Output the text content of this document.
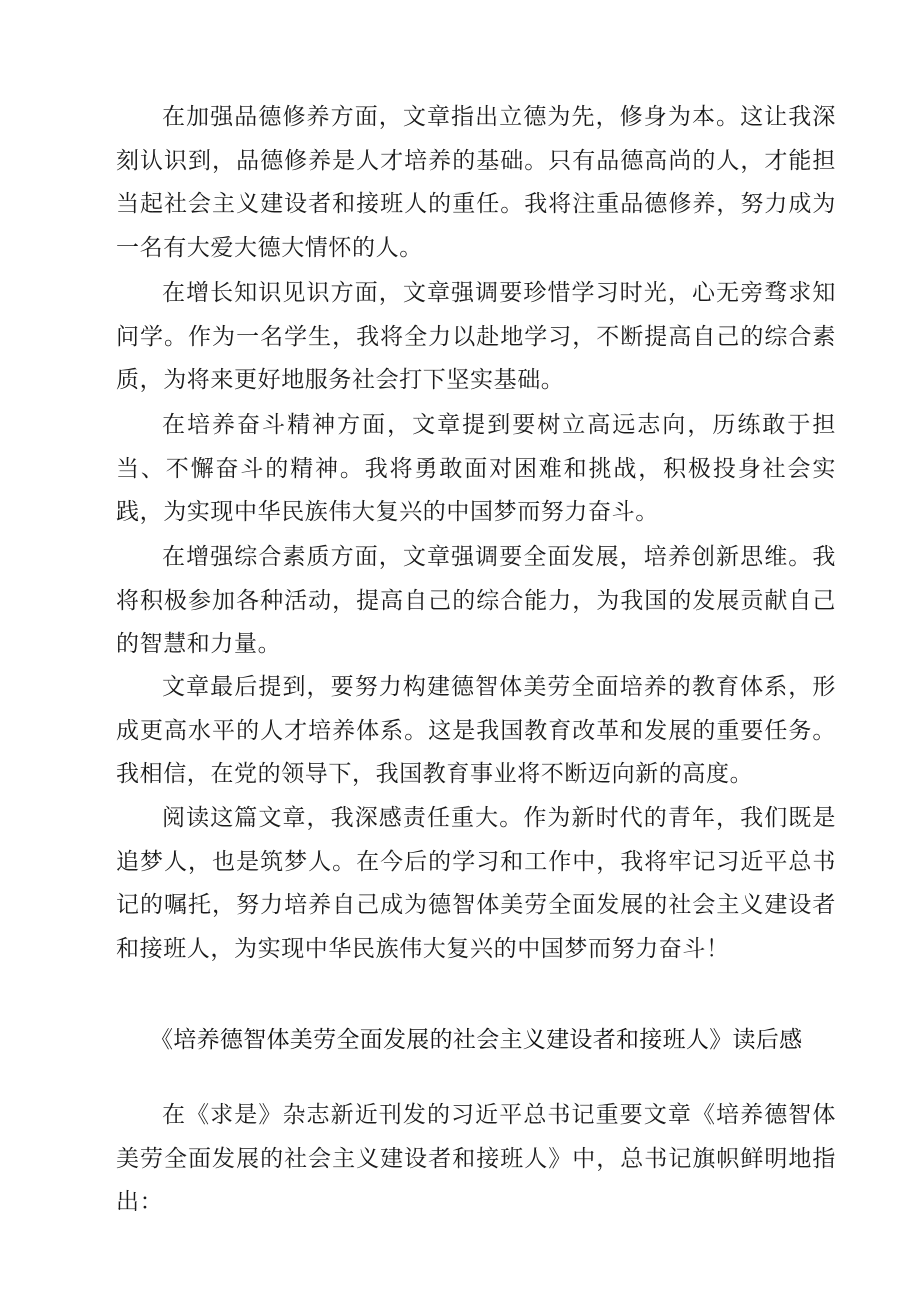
在加强品德修养方面，文章指出立德为先，修身为本。这让我深刻认识到，品德修养是人才培养的基础。只有品德高尚的人，才能担当起社会主义建设者和接班人的重任。我将注重品德修养，努力成为一名有大爱大德大情怀的人。

在增长知识见识方面，文章强调要珍惜学习时光，心无旁骛求知问学。作为一名学生，我将全力以赴地学习，不断提高自己的综合素质，为将来更好地服务社会打下坚实基础。

在培养奋斗精神方面，文章提到要树立高远志向，历练敢于担当、不懈奋斗的精神。我将勇敢面对困难和挑战，积极投身社会实践，为实现中华民族伟大复兴的中国梦而努力奋斗。

在增强综合素质方面，文章强调要全面发展，培养创新思维。我将积极参加各种活动，提高自己的综合能力，为我国的发展贡献自己的智慧和力量。

文章最后提到，要努力构建德智体美劳全面培养的教育体系，形成更高水平的人才培养体系。这是我国教育改革和发展的重要任务。我相信，在党的领导下，我国教育事业将不断迈向新的高度。

阅读这篇文章，我深感责任重大。作为新时代的青年，我们既是追梦人，也是筑梦人。在今后的学习和工作中，我将牢记习近平总书记的嘱托，努力培养自己成为德智体美劳全面发展的社会主义建设者和接班人，为实现中华民族伟大复兴的中国梦而努力奋斗！

《培养德智体美劳全面发展的社会主义建设者和接班人》读后感

在《求是》杂志新近刊发的习近平总书记重要文章《培养德智体美劳全面发展的社会主义建设者和接班人》中，总书记旗帜鲜明地指出：
